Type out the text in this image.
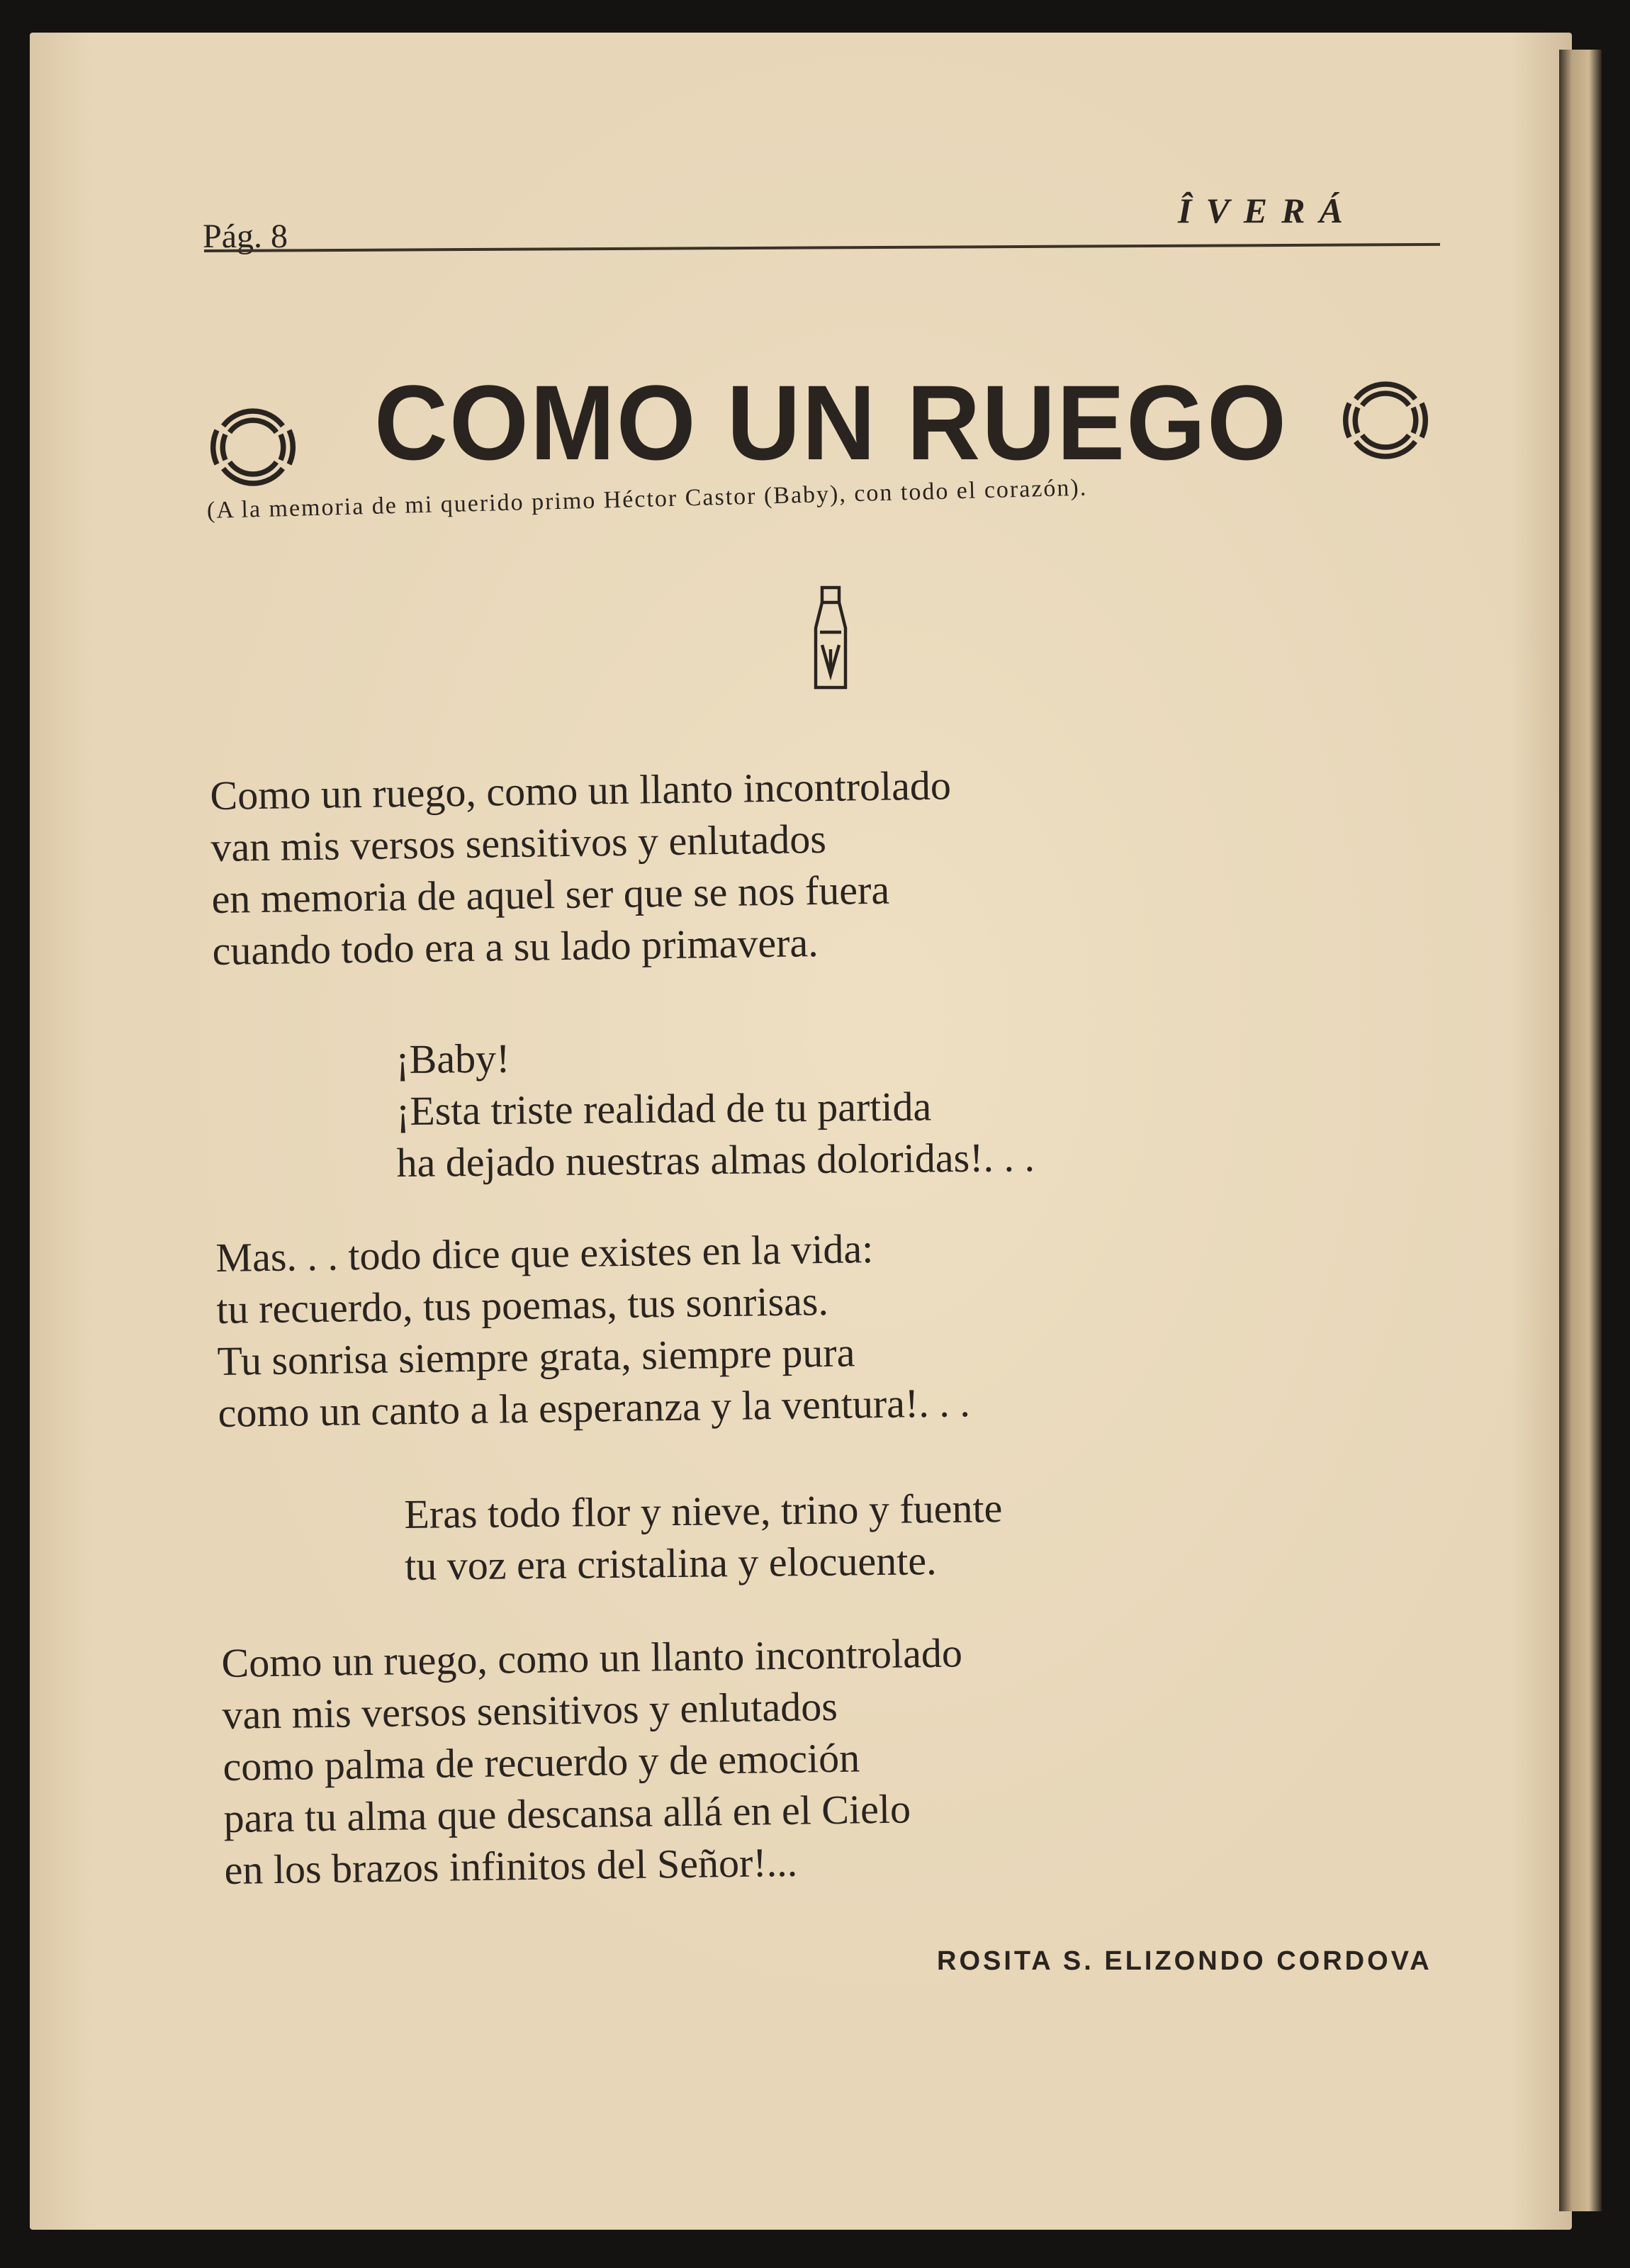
Pág. 8
ÎVERÁ
COMO UN RUEGO
(A la memoria de mi querido primo Héctor Castor (Baby), con todo el corazón).
Como un ruego, como un llanto incontrolado
van mis versos sensitivos y enlutados
en memoria de aquel ser que se nos fuera
cuando todo era a su lado primavera.
¡Baby!
¡Esta triste realidad de tu partida
ha dejado nuestras almas doloridas!. . .
Mas. . . todo dice que existes en la vida:
tu recuerdo, tus poemas, tus sonrisas.
Tu sonrisa siempre grata, siempre pura
como un canto a la esperanza y la ventura!. . .
Eras todo flor y nieve, trino y fuente
tu voz era cristalina y elocuente.
Como un ruego, como un llanto incontrolado
van mis versos sensitivos y enlutados
como palma de recuerdo y de emoción
para tu alma que descansa allá en el Cielo
en los brazos infinitos del Señor!...
ROSITA S. ELIZONDO CORDOVA
